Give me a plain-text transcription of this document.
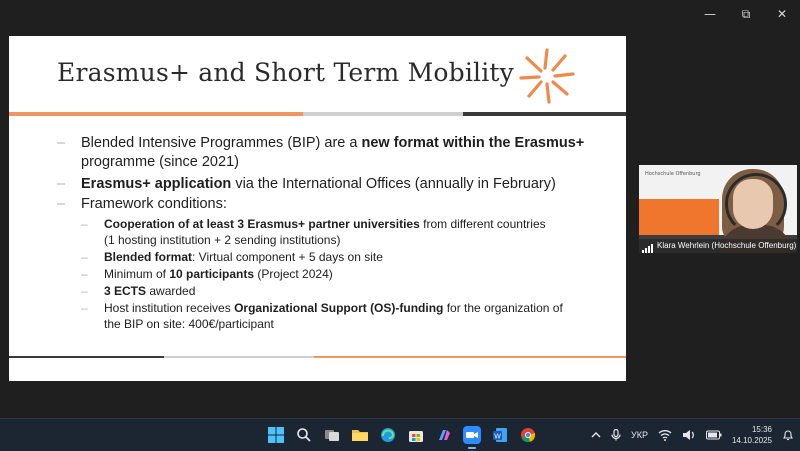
—	⧉	✕
Erasmus+ and Short Term Mobility
– Blended Intensive Programmes (BIP) are a new format within the Erasmus+
programme (since 2021)
– Erasmus+ application via the International Offices (annually in February)
– Framework conditions:
– Cooperation of at least 3 Erasmus+ partner universities from different countries
(1 hosting institution + 2 sending institutions)
– Blended format: Virtual component + 5 days on site
– Minimum of 10 participants (Project 2024)
– 3 ECTS awarded
– Host institution receives Organizational Support (OS)-funding for the organization of
the BIP on site: 400€/participant
Hochschule Offenburg
Klara Wehrlein (Hochschule Offenburg)
W	УКР
15:36
14.10.2025
